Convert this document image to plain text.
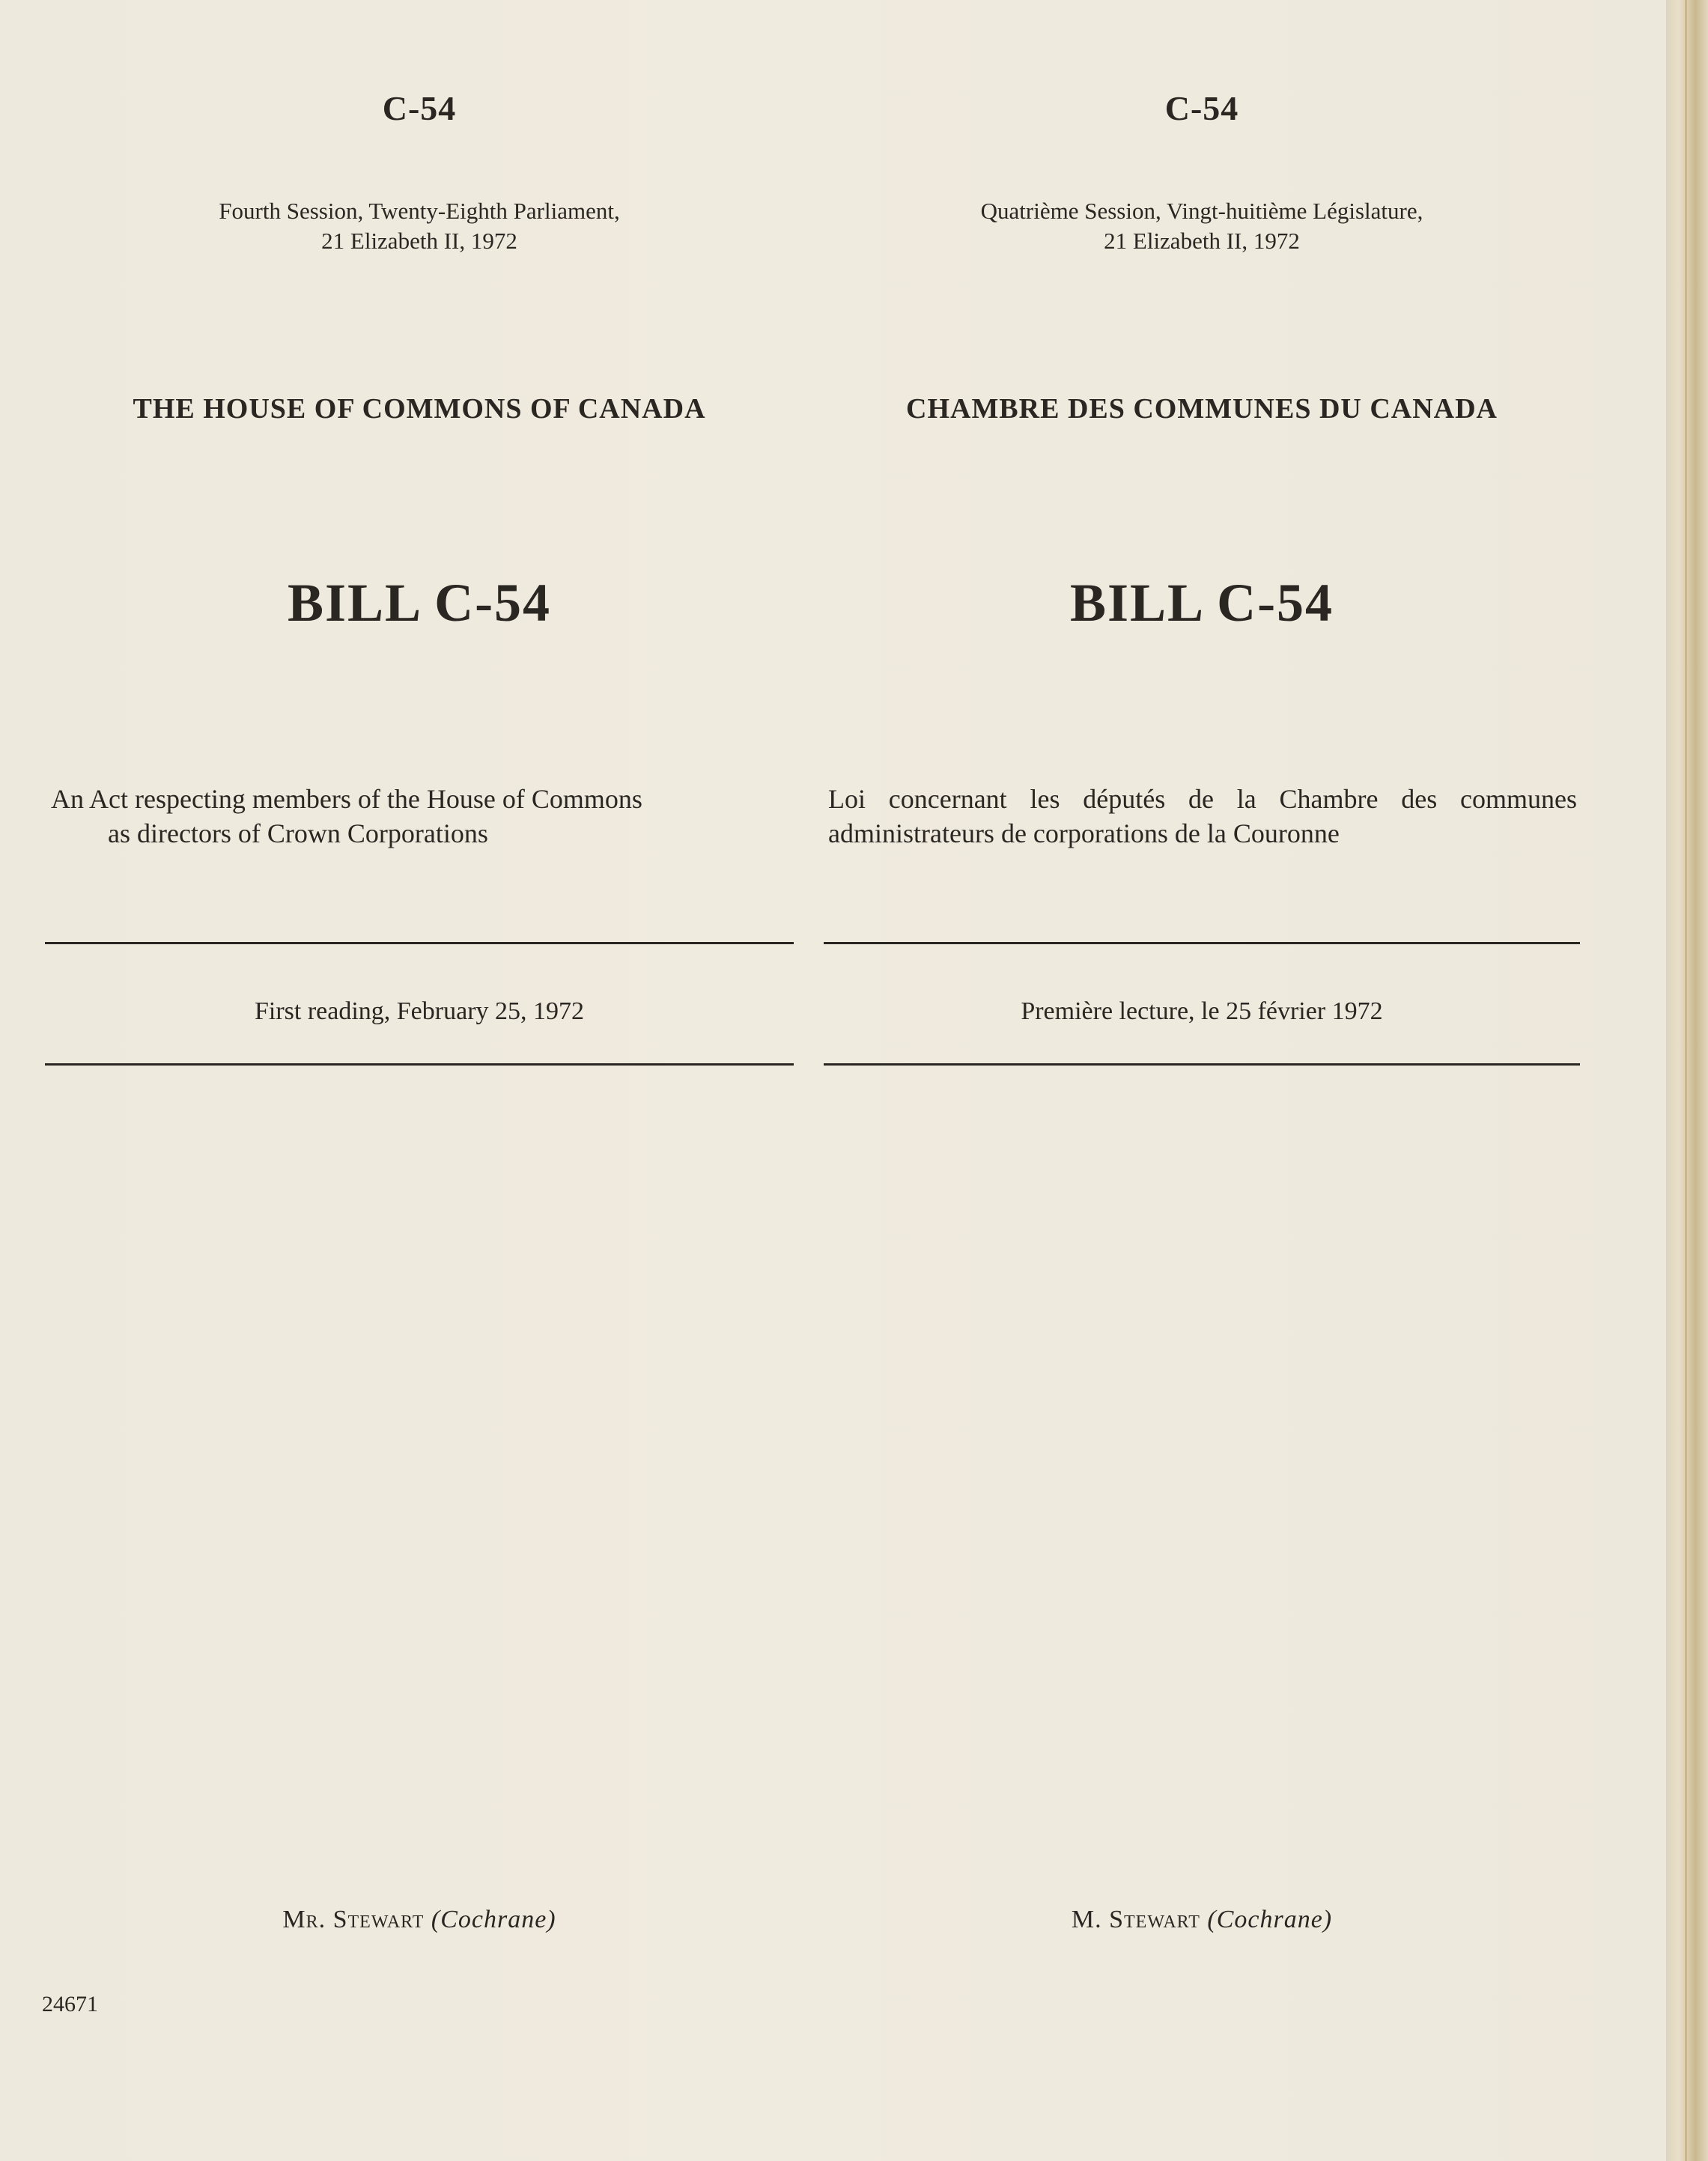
C-54
Fourth Session, Twenty-Eighth Parliament,
21 Elizabeth II, 1972
THE HOUSE OF COMMONS OF CANADA
BILL C-54
An Act respecting members of the House of Commons
as directors of Crown Corporations
First reading, February 25, 1972
Mr. Stewart (Cochrane)
C-54
Quatrième Session, Vingt-huitième Législature,
21 Elizabeth II, 1972
CHAMBRE DES COMMUNES DU CANADA
BILL C-54
Loi concernant les députés de la Chambre des communes administrateurs de corporations de la Couronne
Première lecture, le 25 février 1972
M. Stewart (Cochrane)
24671
